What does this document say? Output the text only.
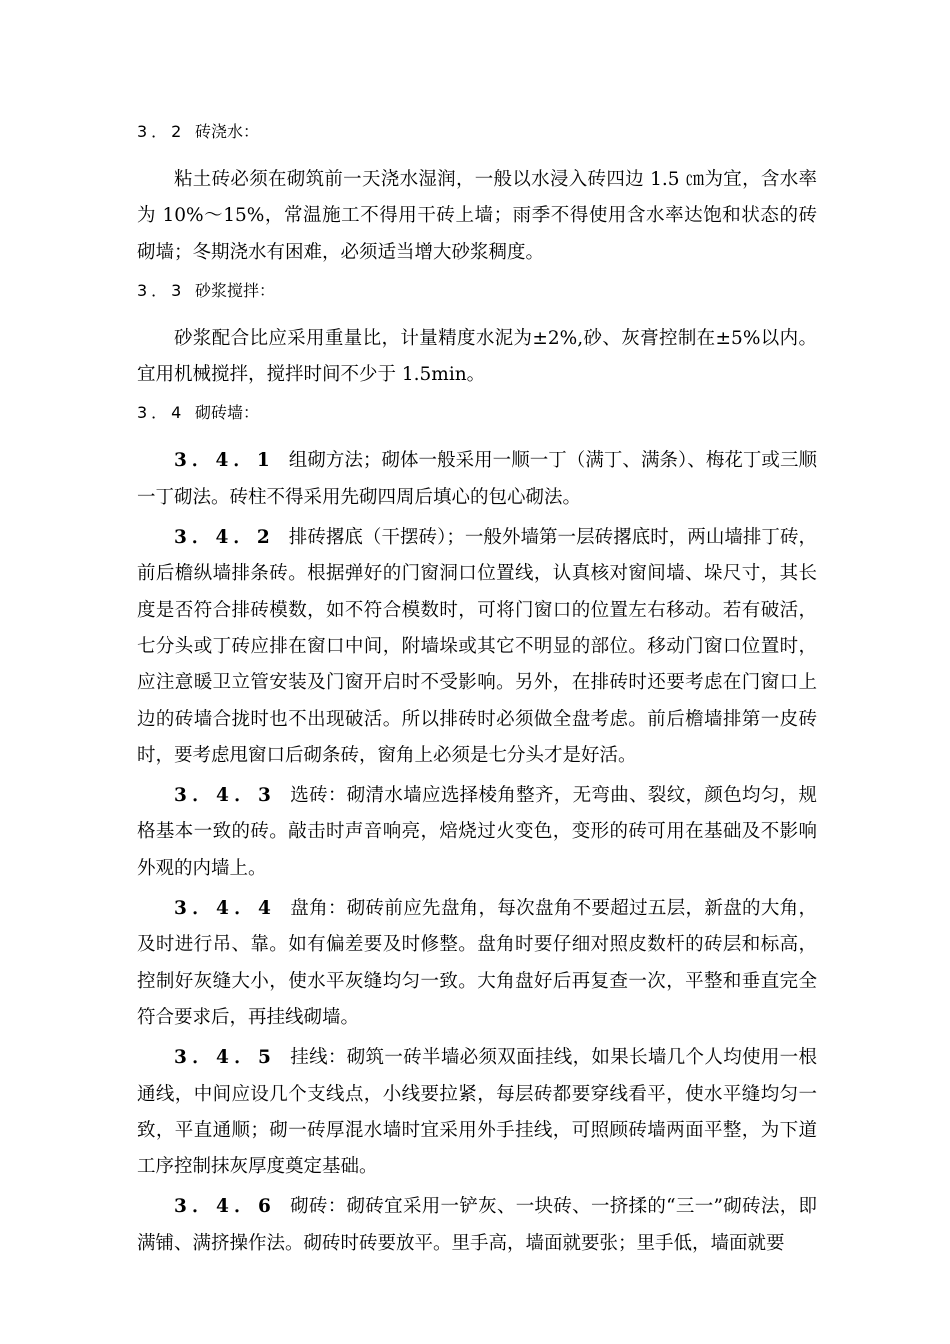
3．2 砖浇水：

粘土砖必须在砌筑前一天浇水湿润，一般以水浸入砖四边 1.5 ㎝为宜，含水率为 10%～15%，常温施工不得用干砖上墙；雨季不得使用含水率达饱和状态的砖砌墙；冬期浇水有困难，必须适当增大砂浆稠度。

3．3 砂浆搅拌：

砂浆配合比应采用重量比，计量精度水泥为±2%,砂、灰膏控制在±5%以内。宜用机械搅拌，搅拌时间不少于 1.5min。

3．4 砌砖墙：

3．4．1 组砌方法；砌体一般采用一顺一丁（满丁、满条）、梅花丁或三顺一丁砌法。砖柱不得采用先砌四周后填心的包心砌法。

3．4．2 排砖撂底（干摆砖）；一般外墙第一层砖撂底时，两山墙排丁砖，前后檐纵墙排条砖。根据弹好的门窗洞口位置线，认真核对窗间墙、垛尺寸，其长度是否符合排砖模数，如不符合模数时，可将门窗口的位置左右移动。若有破活，七分头或丁砖应排在窗口中间，附墙垛或其它不明显的部位。移动门窗口位置时，应注意暖卫立管安装及门窗开启时不受影响。另外，在排砖时还要考虑在门窗口上边的砖墙合拢时也不出现破活。所以排砖时必须做全盘考虑。前后檐墙排第一皮砖时，要考虑甩窗口后砌条砖，窗角上必须是七分头才是好活。

3．4．3 选砖：砌清水墙应选择棱角整齐，无弯曲、裂纹，颜色均匀，规格基本一致的砖。敲击时声音响亮，焙烧过火变色，变形的砖可用在基础及不影响外观的内墙上。

3．4．4 盘角：砌砖前应先盘角，每次盘角不要超过五层，新盘的大角，及时进行吊、靠。如有偏差要及时修整。盘角时要仔细对照皮数杆的砖层和标高，控制好灰缝大小，使水平灰缝均匀一致。大角盘好后再复查一次，平整和垂直完全符合要求后，再挂线砌墙。

3．4．5 挂线：砌筑一砖半墙必须双面挂线，如果长墙几个人均使用一根通线，中间应设几个支线点，小线要拉紧，每层砖都要穿线看平，使水平缝均匀一致，平直通顺；砌一砖厚混水墙时宜采用外手挂线，可照顾砖墙两面平整，为下道工序控制抹灰厚度奠定基础。

3．4．6 砌砖：砌砖宜采用一铲灰、一块砖、一挤揉的“三一”砌砖法，即满铺、满挤操作法。砌砖时砖要放平。里手高，墙面就要张；里手低，墙面就要
